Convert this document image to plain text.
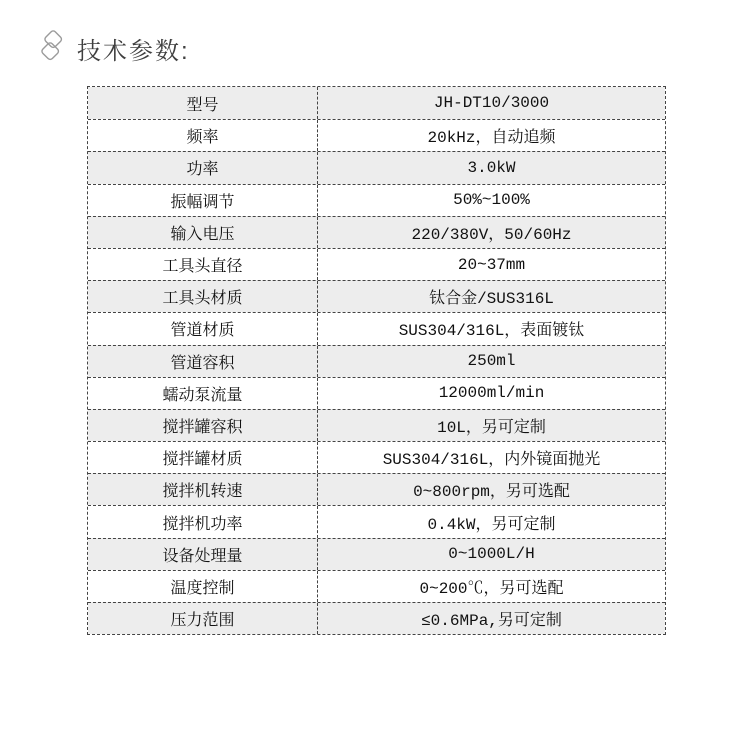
技术参数:
型号	JH-DT10/3000
频率	20kHz，自动追频
功率	3.0kW
振幅调节	50%~100%
输入电压	220/380V，50/60Hz
工具头直径	20~37mm
工具头材质	钛合金/SUS316L
管道材质	SUS304/316L，表面镀钛
管道容积	250ml
蠕动泵流量	12000ml/min
搅拌罐容积	10L，另可定制
搅拌罐材质	SUS304/316L，内外镜面抛光
搅拌机转速	0~800rpm，另可选配
搅拌机功率	0.4kW，另可定制
设备处理量	0~1000L/H
温度控制	0~200℃，另可选配
压力范围	≤0.6MPa,另可定制
